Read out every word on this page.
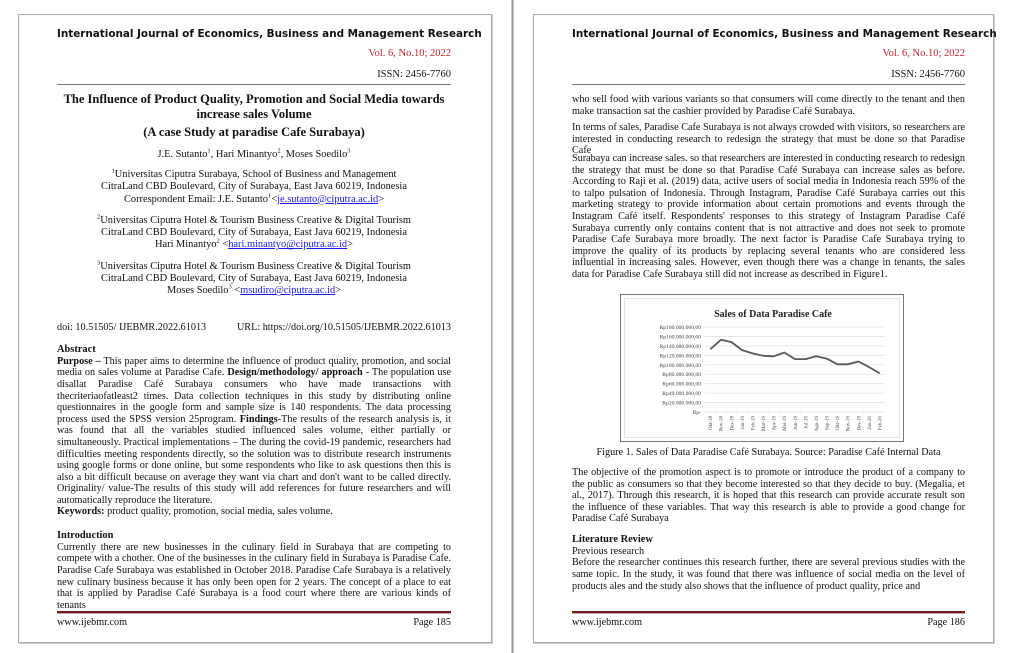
International Journal of Economics, Business and Management Research
Vol. 6, No.10; 2022
ISSN: 2456-7760
The Influence of Product Quality, Promotion and Social Media towards
increase sales Volume
(A case Study at paradise Cafe Surabaya)
J.E. Sutanto$^1$, Hari Minantyo$^2$, Moses Soedilo$^3$
$^1$Universitas Ciputra Surabaya, School of Business and Management
CitraLand CBD Boulevard, City of Surabaya, East Java 60219, Indonesia
Correspondent Email: J.E. Sutanto$^1$<je.sutanto@ciputra.ac.id>
$^2$Universitas Ciputra Hotel & Tourism Business Creative & Digital Tourism
CitraLand CBD Boulevard, City of Surabaya, East Java 60219, Indonesia
Hari Minantyo$^2$ <hari.minantyo@ciputra.ac.id>
$^3$Universitas Ciputra Hotel & Tourism Business Creative & Digital Tourism
CitraLand CBD Boulevard, City of Surabaya, East Java 60219, Indonesia
Moses Soedilo$^3$ <msudiro@ciputra.ac.id>
doi: 10.51505/ IJEBMR.2022.61013	URL: https://doi.org/10.51505/IJEBMR.2022.61013
Abstract
Purpose – This paper aims to determine the influence of product quality, promotion, and social media on sales volume at Paradise Cafe. Design/methodology/ approach - The population use disallat Paradise Café Surabaya consumers who have made transactions with thecriteriaofatleast2 times. Data collection techniques in this study by distributing online questionnaires in the google form and sample size is 140 respondents. The data processing process used the SPSS version 25program. Findings-The results of the research analysis is, it was found that all the variables studied influenced sales volume, either partially or simultaneously. Practical implementations – The during the covid-19 pandemic, researchers had difficulties meeting respondents directly, so the solution was to distribute research instruments using google forms or done online, but some respondents who like to ask questions then this is also a bit difficult because on average they want via chart and don't want to be called directly. Originality/ value-The results of this study will add references for future researchers and will automatically reproduce the literature.
Keywords: product quality, promotion, social media, sales volume.
Introduction
Currently there are new businesses in the culinary field in Surabaya that are competing to compete with a chother. One of the businesses in the culinary field in Surabaya is Paradise Cafe. Paradise Cafe Surabaya was established in October 2018. Paradise Cafe Surabaya is a relatively new culinary business because it has only been open for 2 years. The concept of a place to eat that is applied by Paradise Café Surabaya is a food court where there are various kinds of tenants
www.ijebmr.com	Page 185
International Journal of Economics, Business and Management Research
Vol. 6, No.10; 2022
ISSN: 2456-7760
who sell food with various variants so that consumers will come directly to the tenant and then make transaction sat the cashier provided by Paradise Café Surabaya.
In terms of sales, Paradise Cafe Surabaya is not always crowded with visitors, so researchers are interested in conducting research to redesign the strategy that must be done so that Paradise Cafe
Surabaya can increase sales. so that researchers are interested in conducting research to redesign the strategy that must be done so that Paradise Café Surabaya can increase sales as before. According to Raji et al. (2019) data, active users of social media in Indonesia reach 59% of the to talpo pulsation of Indonesia. Through Instagram, Paradise Café Surabaya carries out this marketing strategy to provide information about certain promotions and events through the Instagram Café itself. Respondents' responses to this strategy of Instagram Paradise Café Surabaya currently only contains content that is not attractive and does not seek to promote Paradise Cafe Surabaya more broadly. The next factor is Paradise Cafe Surabaya trying to improve the quality of its products by replacing several tenants who are considered less influential in increasing sales. However, even though there was a change in tenants, the sales data for Paradise Cafe Surabaya still did not increase as described in Figure1.
Sales of Data Paradise Cafe
Rp-
Rp20.000.000,00
Rp40.000.000,00
Rp60.000.000,00
Rp80.000.000,00
Rp100.000.000,00
Rp120.000.000,00
Rp140.000.000,00
Rp160.000.000,00
Rp180.000.000,00
Okt-18 Nov-18 Des-18 Jan-19 Feb-19 Mar-19 Apr-19 Mei-19 Jun-19 Jul-19 Agu-19 Sep-19 Okt-19 Nov-19 Des-19 Jan-20 Feb-20
Figure 1. Sales of Data Paradise Café Surabaya. Source: Paradise Café Internal Data
The objective of the promotion aspect is to promote or introduce the product of a company to the public as consumers so that they become interested so that they decide to buy. (Megalia, et al., 2017). Through this research, it is hoped that this research can provide accurate result son the influence of these variables. That way this research is able to provide a good change for Paradise Café Surabaya
Literature Review
Previous research
Before the researcher continues this research further, there are several previous studies with the same topic. In the study, it was found that there was influence of social media on the level of products ales and the study also shows that the influence of product quality, price and
www.ijebmr.com	Page 186
